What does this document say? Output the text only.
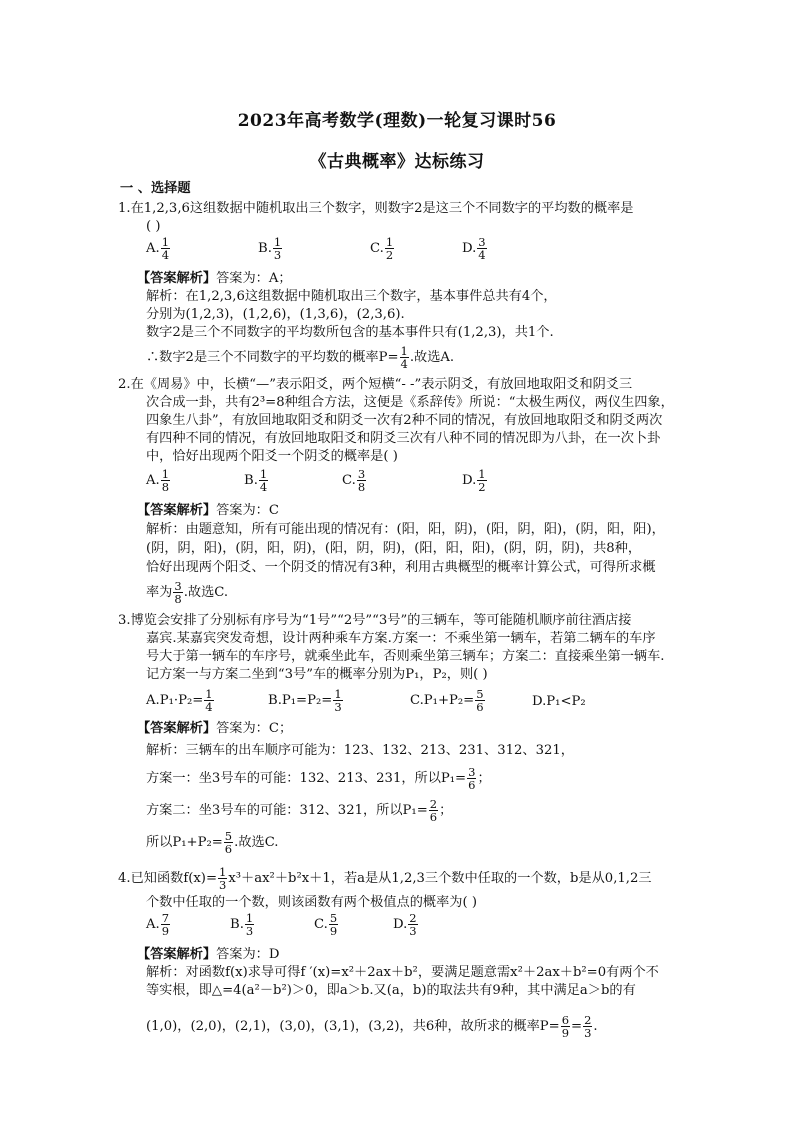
2023年高考数学(理数)一轮复习课时56
《古典概率》达标练习
一 、选择题
1.在1,2,3,6这组数据中随机取出三个数字，则数字2是这三个不同数字的平均数的概率是
( )
A. $\frac{1}{4}$	B. $\frac{1}{3}$	C. $\frac{1}{2}$	D. $\frac{3}{4}$
【答案解析】答案为：A；
解析：在1,2,3,6这组数据中随机取出三个数字，基本事件总共有4个，
分别为(1,2,3)，(1,2,6)，(1,3,6)，(2,3,6).
数字2是三个不同数字的平均数所包含的基本事件只有(1,2,3)，共1个.
∴数字2是三个不同数字的平均数的概率$P= \frac{1}{4}$ .故选A.
2.在《周易》中，长横“—”表示阳爻，两个短横“- -”表示阴爻，有放回地取阳爻和阴爻三
次合成一卦，共有2³=8种组合方法，这便是《系辞传》所说：“太极生两仪，两仪生四象，
四象生八卦”，有放回地取阳爻和阴爻一次有2种不同的情况，有放回地取阳爻和阴爻两次
有四种不同的情况，有放回地取阳爻和阴爻三次有八种不同的情况即为八卦，在一次卜卦
中，恰好出现两个阳爻一个阴爻的概率是( )
A. $\frac{1}{8}$	B. $\frac{1}{4}$	C. $\frac{3}{8}$	D. $\frac{1}{2}$
【答案解析】答案为：C
解析：由题意知，所有可能出现的情况有：(阳，阳，阴)，(阳，阴，阳)，(阴，阳，阳)，
(阴，阴，阳)，(阴，阳，阴)，(阳，阴，阴)，(阳，阳，阳)，(阴，阴，阴)，共8种，
恰好出现两个阳爻、一个阴爻的情况有3种，利用古典概型的概率计算公式，可得所求概
率为 $\frac{3}{8}$ .故选C.
3.博览会安排了分别标有序号为“1号”“2号”“3号”的三辆车，等可能随机顺序前往酒店接
嘉宾.某嘉宾突发奇想，设计两种乘车方案.方案一：不乘坐第一辆车，若第二辆车的车序
号大于第一辆车的车序号，就乘坐此车，否则乘坐第三辆车；方案二：直接乘坐第一辆车.
记方案一与方案二坐到“3号”车的概率分别为P₁，P₂，则( )
$A.P_1\cdot P_2= \frac{1}{4}$	$B.P_1=P_2= \frac{1}{3}$	$C.P_1+P_2= \frac{5}{6}$	D.P₁<P₂
【答案解析】答案为：C；
解析：三辆车的出车顺序可能为：123、132、213、231、312、321，
方案一：坐3号车的可能：132、213、231，所以$P_1= \frac{3}{6}$ ；
方案二：坐3号车的可能：312、321，所以$P_1= \frac{2}{6}$ ；
所以$P_1+P_2= \frac{5}{6}$ .故选C.
4.已知函数$f(x)= \frac{1}{3} x^3+ax^2+b^2x+1$，若a是从1,2,3三个数中任取的一个数，b是从0,1,2三
个数中任取的一个数，则该函数有两个极值点的概率为( )
A. $\frac{7}{9}$	B. $\frac{1}{3}$	C. $\frac{5}{9}$	D. $\frac{2}{3}$
【答案解析】答案为：D
解析：对函数f(x)求导可得f ′(x)=x²＋2ax＋b²，要满足题意需x²＋2ax＋b²=0有两个不
等实根，即△=4(a²－b²)＞0，即a＞b.又(a，b)的取法共有9种，其中满足a＞b的有
(1,0)，(2,0)，(2,1)，(3,0)，(3,1)，(3,2)，共6种，故所求的概率$P= \frac{6}{9} = \frac{2}{3}$ .
